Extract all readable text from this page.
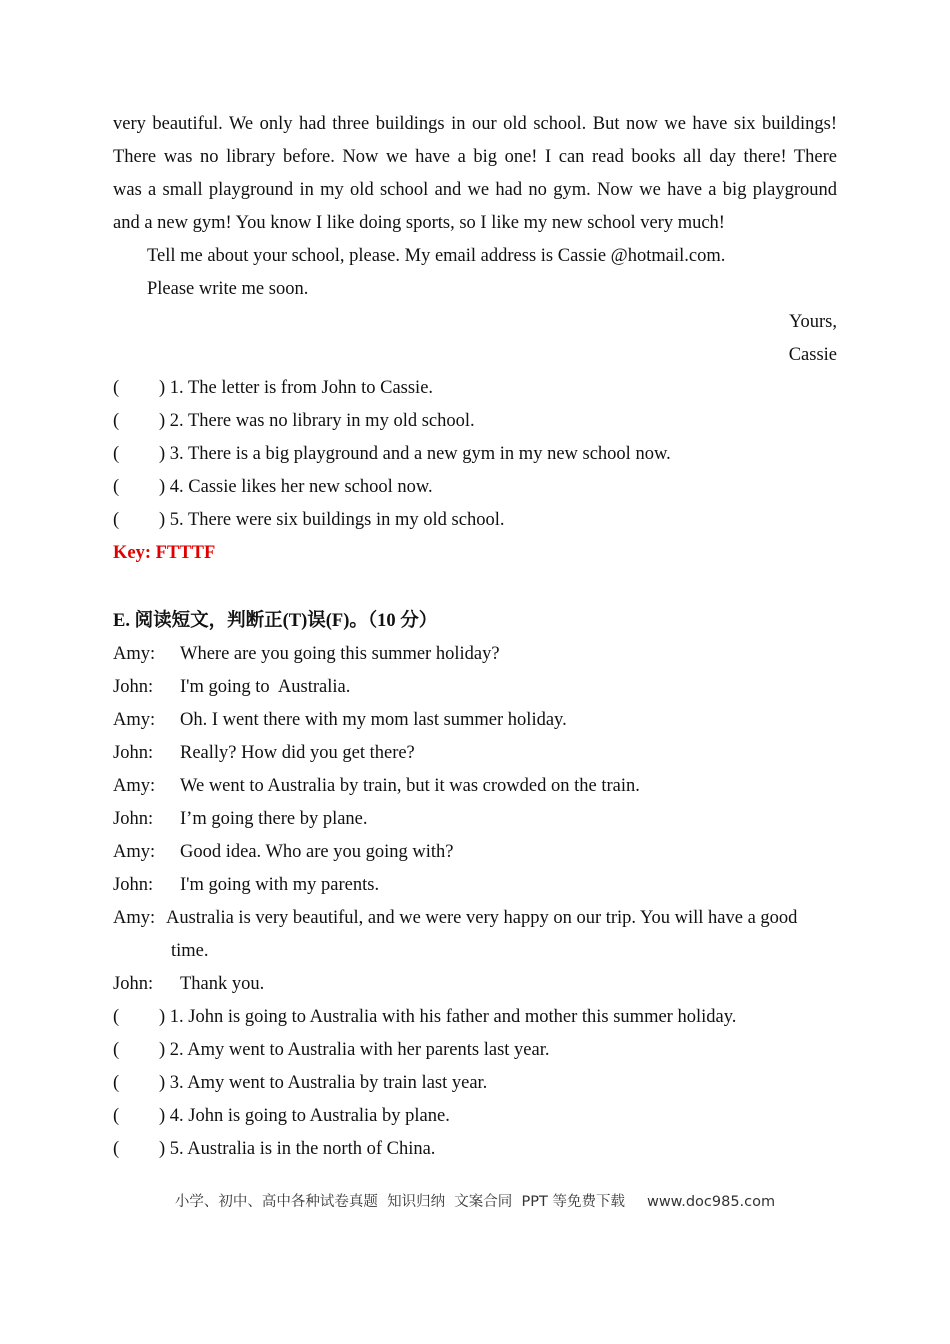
very beautiful. We only had three buildings in our old school. But now we have six buildings!
There was no library before. Now we have a big one! I can read books all day there! There
was a small playground in my old school and we had no gym. Now we have a big playground
and a new gym! You know I like doing sports, so I like my new school very much!
Tell me about your school, please. My email address is Cassie @hotmail.com.
Please write me soon.
Yours,
Cassie
( ) 1. The letter is from John to Cassie.
( ) 2. There was no library in my old school.
( ) 3. There is a big playground and a new gym in my new school now.
( ) 4. Cassie likes her new school now.
( ) 5. There were six buildings in my old school.
Key: FTTTF
E. 阅读短文，判断正(T)误(F)。（10 分）
Amy: Where are you going this summer holiday?
John: I'm going to  Australia.
Amy: Oh. I went there with my mom last summer holiday.
John: Really? How did you get there?
Amy: We went to Australia by train, but it was crowded on the train.
John: I’m going there by plane.
Amy: Good idea. Who are you going with?
John: I'm going with my parents.
Amy: Australia is very beautiful, and we were very happy on our trip. You will have a good
time.
John: Thank you.
( ) 1. John is going to Australia with his father and mother this summer holiday.
( ) 2. Amy went to Australia with her parents last year.
( ) 3. Amy went to Australia by train last year.
( ) 4. John is going to Australia by plane.
( ) 5. Australia is in the north of China.
小学、初中、高中各种试卷真题  知识归纳  文案合同  PPT 等免费下载 www.doc985.com
